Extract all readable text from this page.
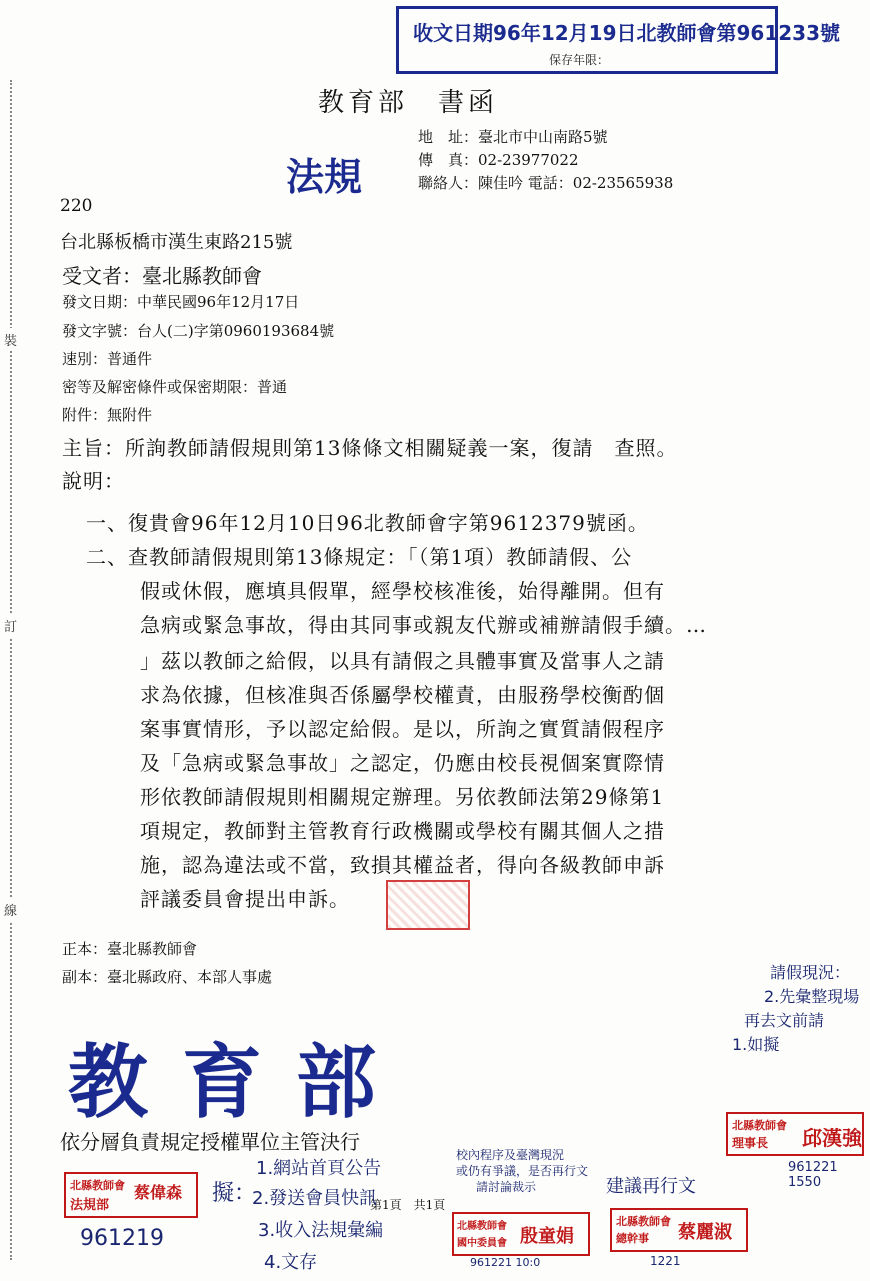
裝
訂
線
收文日期96年12月19日北教師會第961233號
保存年限：
教育部　書函
法規
地　址：臺北市中山南路5號
傳　真：02-23977022
聯絡人：陳佳吟 電話：02-23565938
220
台北縣板橋市漢生東路215號
受文者：臺北縣教師會
發文日期：中華民國96年12月17日
發文字號：台人(二)字第0960193684號
速別：普通件
密等及解密條件或保密期限：普通
附件：無附件
主旨：所詢教師請假規則第13條條文相關疑義一案，復請　查照。
說明：
一、復貴會96年12月10日96北教師會字第9612379號函。
二、查教師請假規則第13條規定：「（第1項）教師請假、公
假或休假，應填具假單，經學校核准後，始得離開。但有
急病或緊急事故，得由其同事或親友代辦或補辦請假手續。…
」茲以教師之給假，以具有請假之具體事實及當事人之請
求為依據，但核准與否係屬學校權責，由服務學校衡酌個
案事實情形，予以認定給假。是以，所詢之實質請假程序
及「急病或緊急事故」之認定，仍應由校長視個案實際情
形依教師請假規則相關規定辦理。另依教師法第29條第1
項規定，教師對主管教育行政機關或學校有關其個人之措
施，認為違法或不當，致損其權益者，得向各級教師申訴
評議委員會提出申訴。
正本：臺北縣教師會
副本：臺北縣政府、本部人事處
教育部
依分層負責規定授權單位主管決行
第1頁　共1頁
請假現況：
2.先彙整現場
再去文前請
1.如擬
北縣教師會
理事長 邱漢強
961221 1550
北縣教師會
法規部
蔡偉森
961219
擬：
1.網站首頁公告
2.發送會員快訊
3.收入法規彙編
4.文存
校內程序及臺灣現況
或仍有爭議，是否再行文
請討論裁示
北縣教師會
國中委員會 殷童娟
961221 10:0
建議再行文
北縣教師會
總幹事 蔡麗淑
1221
